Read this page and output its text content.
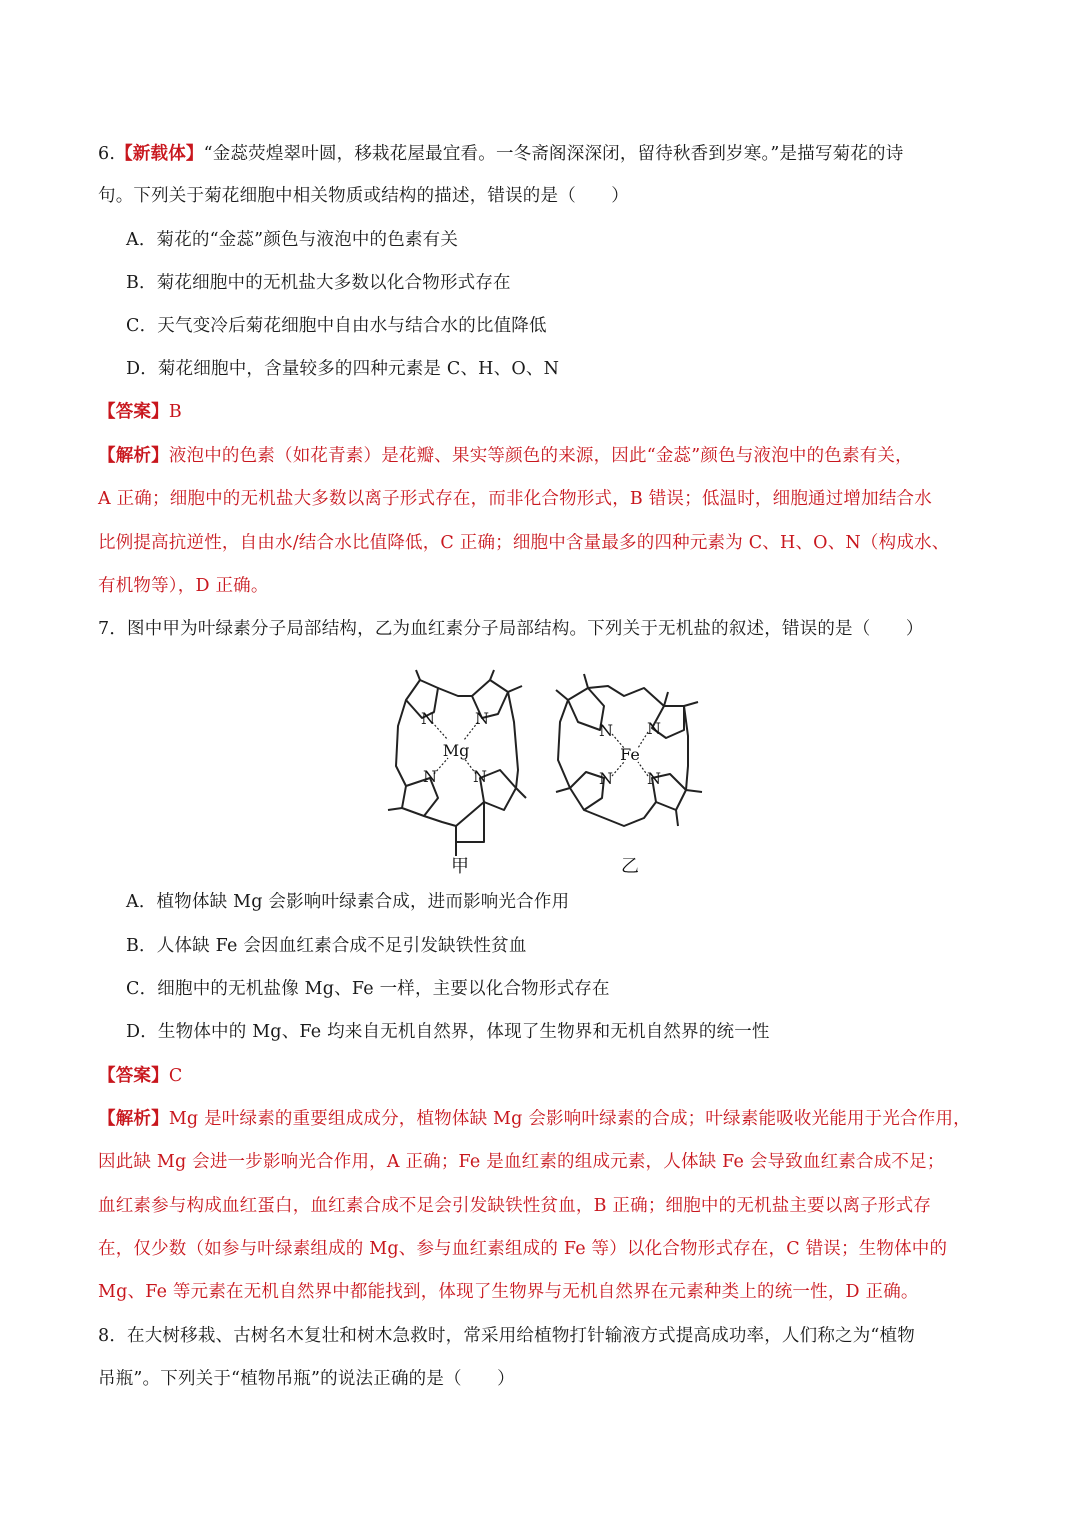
6.【新载体】“金蕊荧煌翠叶圆，移栽花屋最宜看。一冬斋阁深深闭，留待秋香到岁寒。”是描写菊花的诗
句。下列关于菊花细胞中相关物质或结构的描述，错误的是（　　）
A．菊花的“金蕊”颜色与液泡中的色素有关
B．菊花细胞中的无机盐大多数以化合物形式存在
C．天气变冷后菊花细胞中自由水与结合水的比值降低
D．菊花细胞中，含量较多的四种元素是 C、H、O、N
【答案】B
【解析】液泡中的色素（如花青素）是花瓣、果实等颜色的来源，因此“金蕊”颜色与液泡中的色素有关，
A 正确；细胞中的无机盐大多数以离子形式存在，而非化合物形式，B 错误；低温时，细胞通过增加结合水
比例提高抗逆性，自由水/结合水比值降低，C 正确；细胞中含量最多的四种元素为 C、H、O、N（构成水、
有机物等），D 正确。
7．图中甲为叶绿素分子局部结构，乙为血红素分子局部结构。下列关于无机盐的叙述，错误的是（　　）
N	N
Mg
N N
N N
Fe
N N
甲	乙
A．植物体缺 Mg 会影响叶绿素合成，进而影响光合作用
B．人体缺 Fe 会因血红素合成不足引发缺铁性贫血
C．细胞中的无机盐像 Mg、Fe 一样，主要以化合物形式存在
D．生物体中的 Mg、Fe 均来自无机自然界，体现了生物界和无机自然界的统一性
【答案】C
【解析】Mg 是叶绿素的重要组成成分，植物体缺 Mg 会影响叶绿素的合成；叶绿素能吸收光能用于光合作用，
因此缺 Mg 会进一步影响光合作用，A 正确；Fe 是血红素的组成元素，人体缺 Fe 会导致血红素合成不足；
血红素参与构成血红蛋白，血红素合成不足会引发缺铁性贫血，B 正确；细胞中的无机盐主要以离子形式存
在，仅少数（如参与叶绿素组成的 Mg、参与血红素组成的 Fe 等）以化合物形式存在，C 错误；生物体中的
Mg、Fe 等元素在无机自然界中都能找到，体现了生物界与无机自然界在元素种类上的统一性，D 正确。
8．在大树移栽、古树名木复壮和树木急救时，常采用给植物打针输液方式提高成功率，人们称之为“植物
吊瓶”。下列关于“植物吊瓶”的说法正确的是（　　）
